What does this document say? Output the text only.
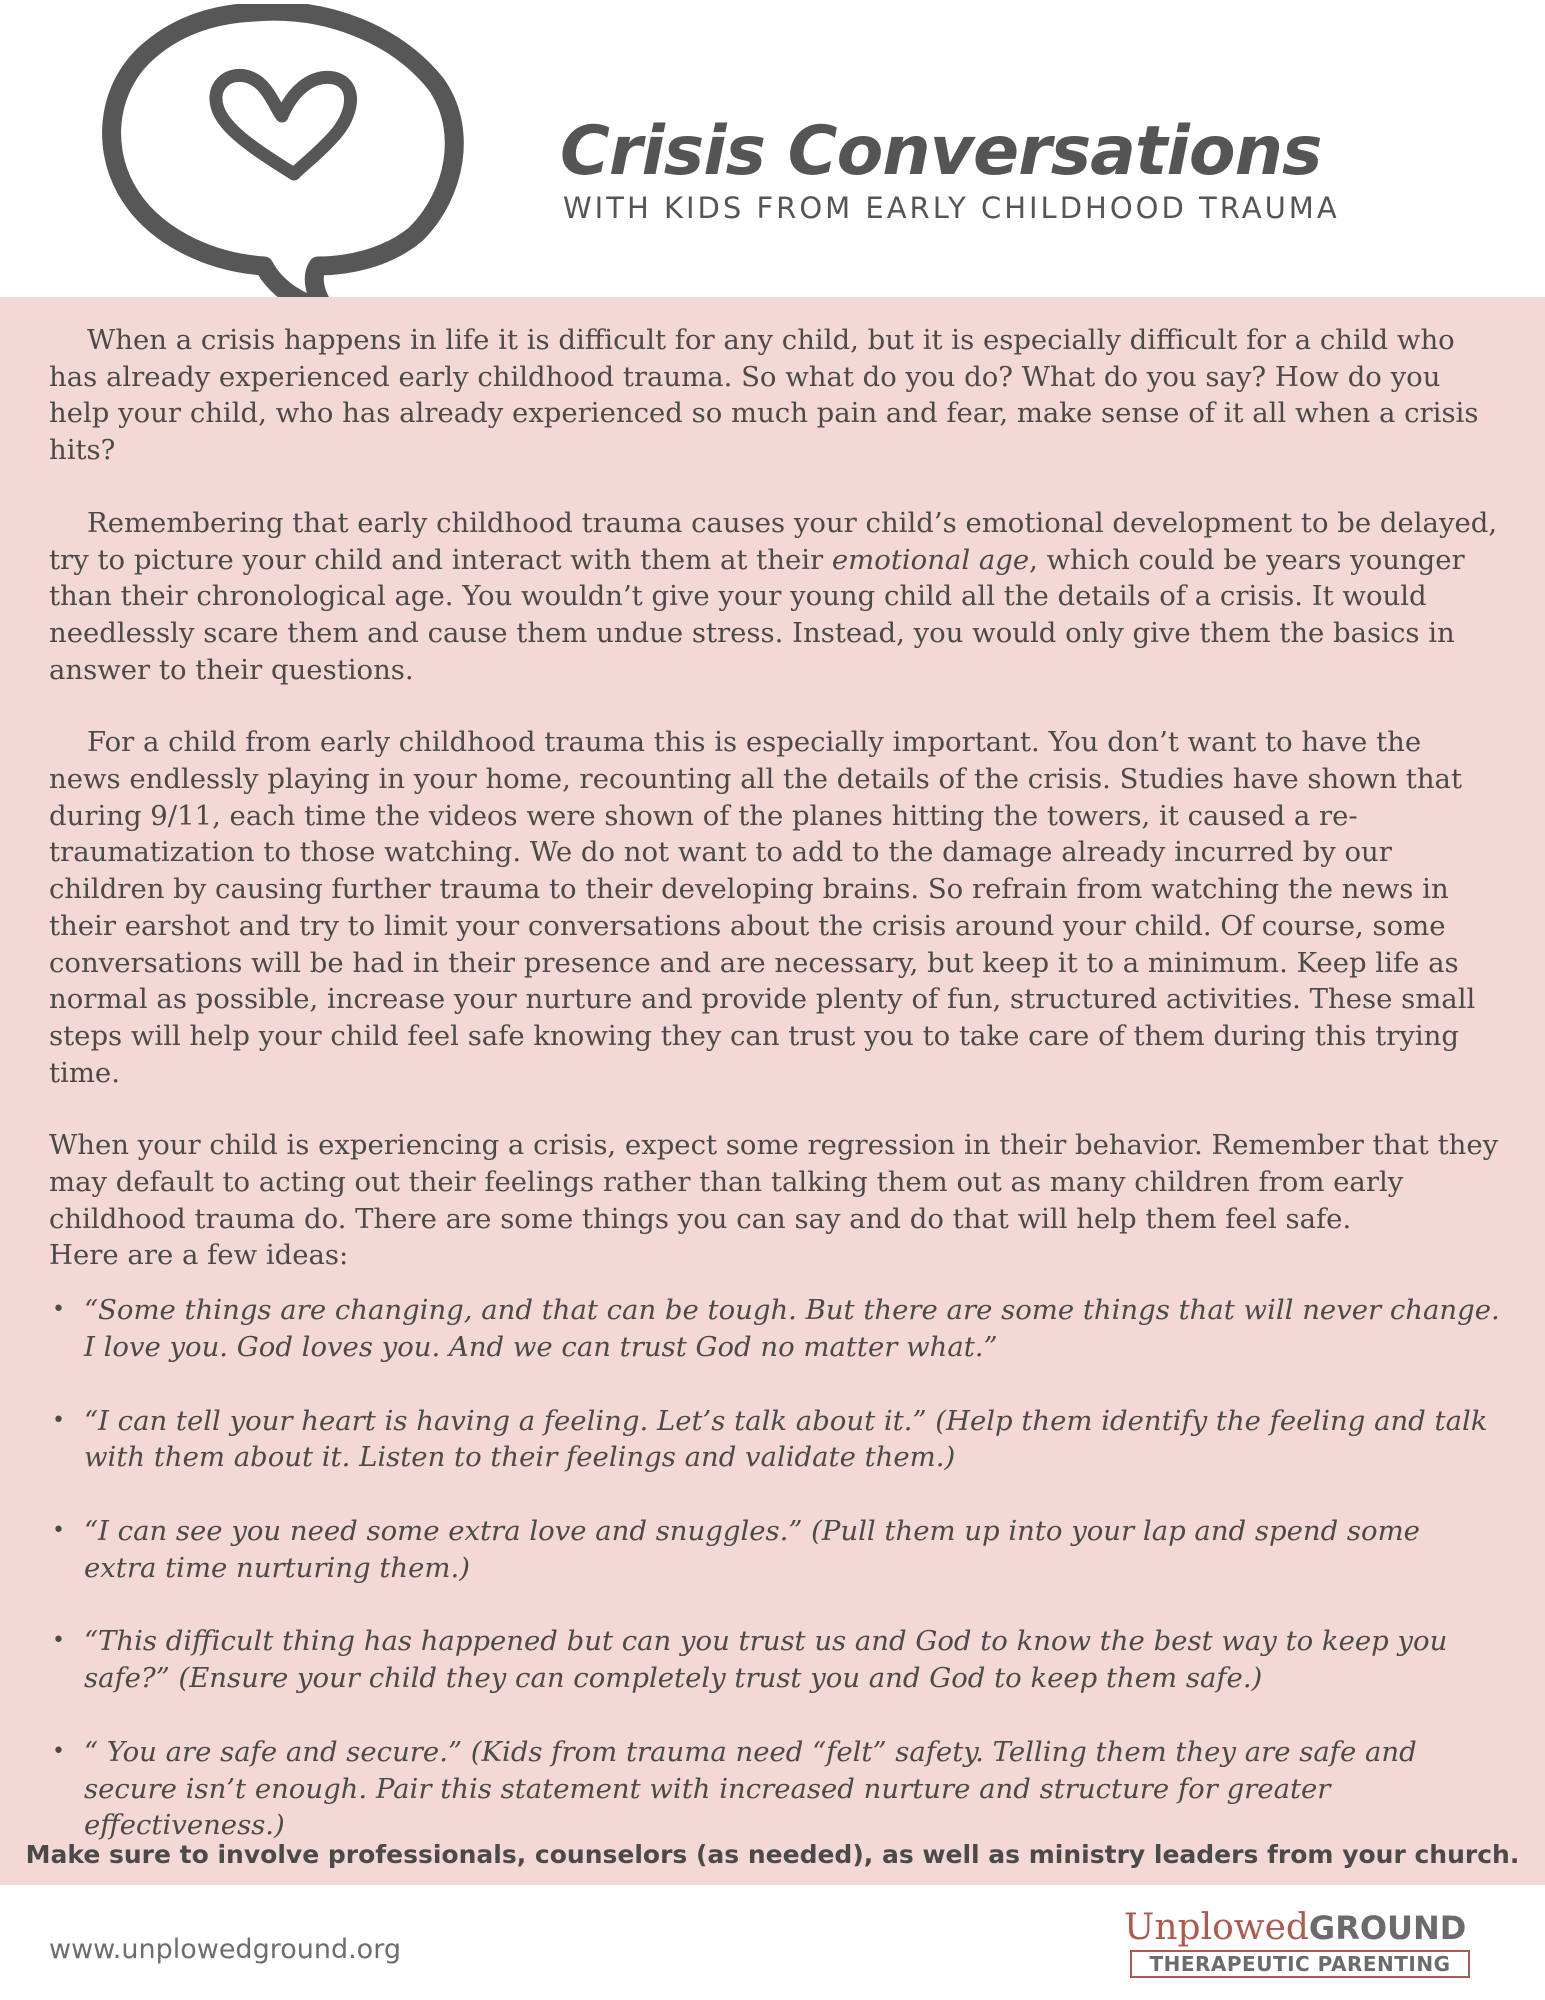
Crisis Conversations
WITH KIDS FROM EARLY CHILDHOOD TRAUMA

When a crisis happens in life it is difficult for any child, but it is especially difficult for a child who has already experienced early childhood trauma. So what do you do? What do you say? How do you help your child, who has already experienced so much pain and fear, make sense of it all when a crisis hits?

Remembering that early childhood trauma causes your child’s emotional development to be delayed, try to picture your child and interact with them at their emotional age, which could be years younger than their chronological age. You wouldn’t give your young child all the details of a crisis. It would needlessly scare them and cause them undue stress. Instead, you would only give them the basics in answer to their questions.

For a child from early childhood trauma this is especially important. You don’t want to have the news endlessly playing in your home, recounting all the details of the crisis. Studies have shown that during 9/11, each time the videos were shown of the planes hitting the towers, it caused a re-traumatization to those watching. We do not want to add to the damage already incurred by our children by causing further trauma to their developing brains. So refrain from watching the news in their earshot and try to limit your conversations about the crisis around your child. Of course, some conversations will be had in their presence and are necessary, but keep it to a minimum. Keep life as normal as possible, increase your nurture and provide plenty of fun, structured activities. These small steps will help your child feel safe knowing they can trust you to take care of them during this trying time.

When your child is experiencing a crisis, expect some regression in their behavior. Remember that they may default to acting out their feelings rather than talking them out as many children from early childhood trauma do. There are some things you can say and do that will help them feel safe.
Here are a few ideas:

• “Some things are changing, and that can be tough. But there are some things that will never change. I love you. God loves you. And we can trust God no matter what.”
• “I can tell your heart is having a feeling. Let’s talk about it.” (Help them identify the feeling and talk with them about it. Listen to their feelings and validate them.)
• “I can see you need some extra love and snuggles.” (Pull them up into your lap and spend some extra time nurturing them.)
• “This difficult thing has happened but can you trust us and God to know the best way to keep you safe?” (Ensure your child they can completely trust you and God to keep them safe.)
• “ You are safe and secure.” (Kids from trauma need “felt” safety. Telling them they are safe and secure isn’t enough. Pair this statement with increased nurture and structure for greater effectiveness.)
Make sure to involve professionals, counselors (as needed), as well as ministry leaders from your church.
www.unplowedground.org
UnplowedGROUND
THERAPEUTIC PARENTING
